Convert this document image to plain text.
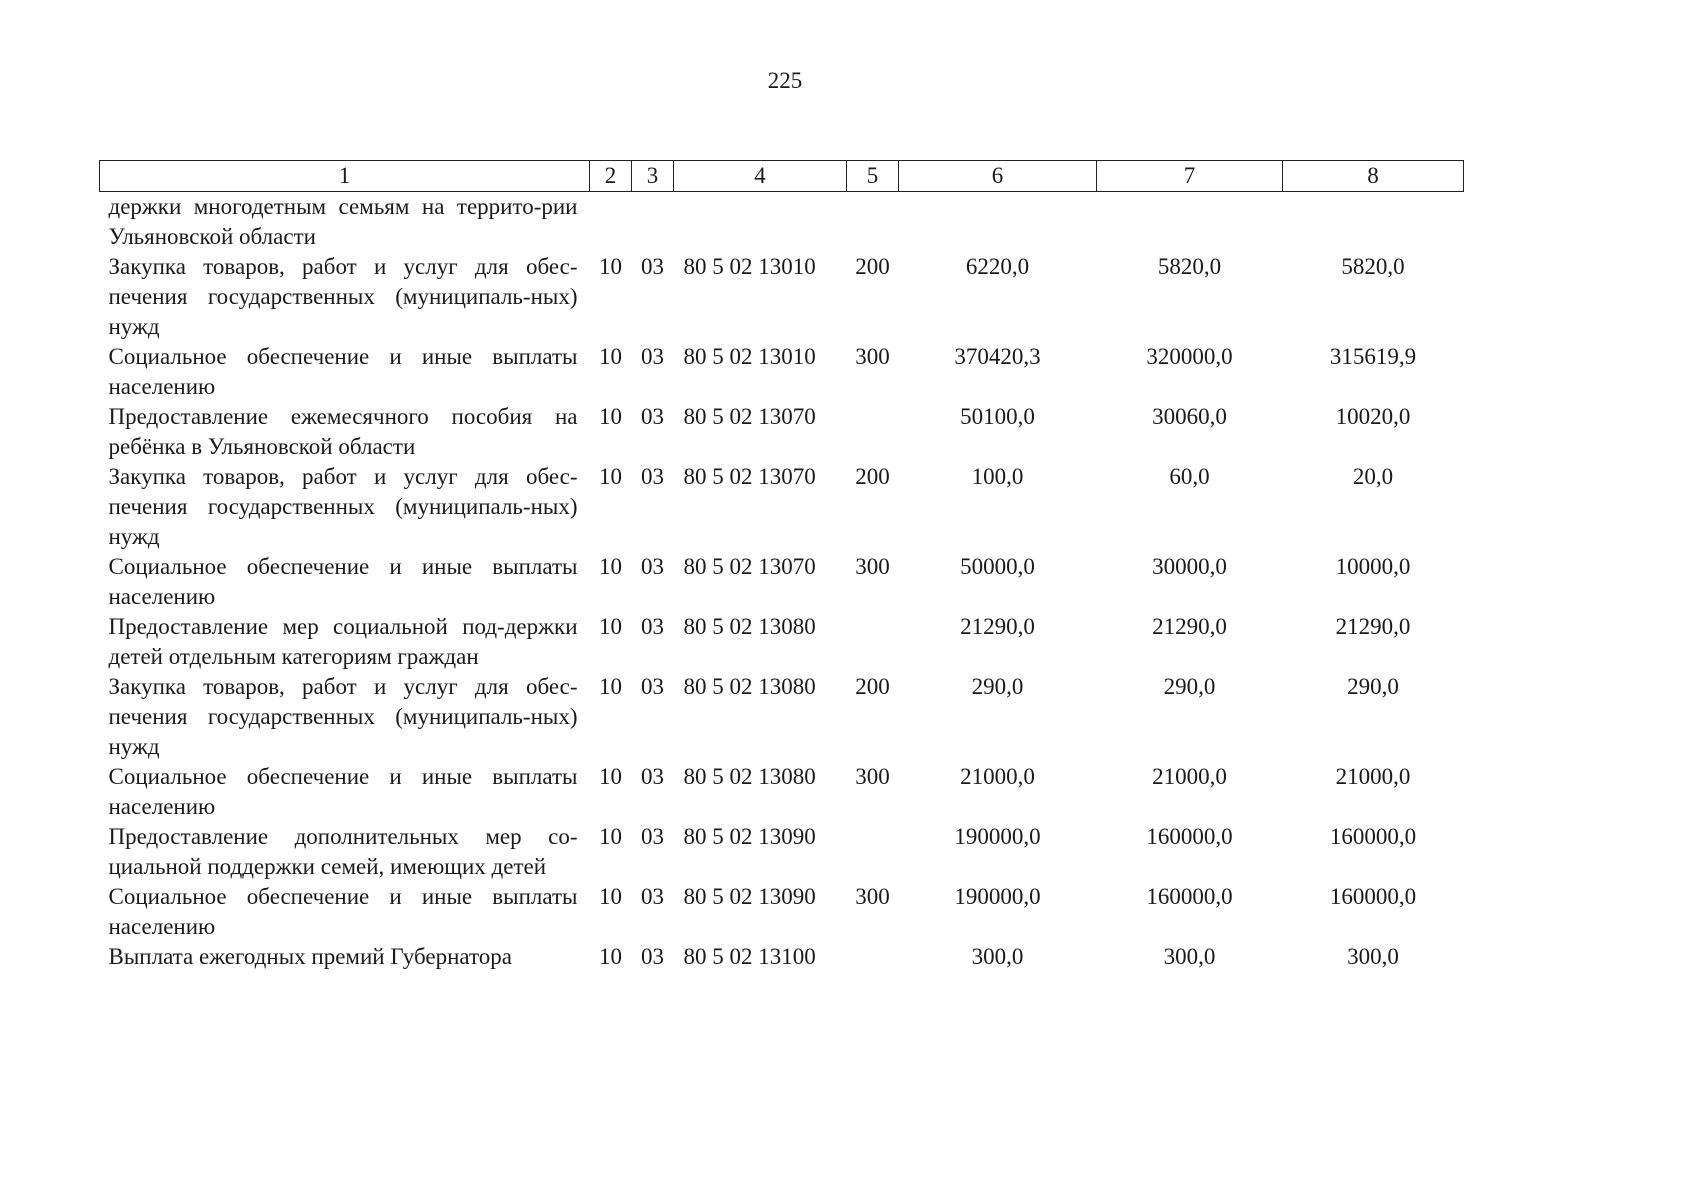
225
1	2	3	4	5	6	7	8
держки многодетным семьям на террито-рии Ульяновской области							
Закупка товаров, работ и услуг для обес-печения государственных (муниципаль-ных) нужд	10	03	80 5 02 13010	200	6220,0	5820,0	5820,0
Социальное обеспечение и иные выплаты населению	10	03	80 5 02 13010	300	370420,3	320000,0	315619,9
Предоставление ежемесячного пособия на ребёнка в Ульяновской области	10	03	80 5 02 13070		50100,0	30060,0	10020,0
Закупка товаров, работ и услуг для обес-печения государственных (муниципаль-ных) нужд	10	03	80 5 02 13070	200	100,0	60,0	20,0
Социальное обеспечение и иные выплаты населению	10	03	80 5 02 13070	300	50000,0	30000,0	10000,0
Предоставление мер социальной под-держки детей отдельным категориям граждан	10	03	80 5 02 13080		21290,0	21290,0	21290,0
Закупка товаров, работ и услуг для обес-печения государственных (муниципаль-ных) нужд	10	03	80 5 02 13080	200	290,0	290,0	290,0
Социальное обеспечение и иные выплаты населению	10	03	80 5 02 13080	300	21000,0	21000,0	21000,0
Предоставление дополнительных мер со-циальной поддержки семей, имеющих детей	10	03	80 5 02 13090		190000,0	160000,0	160000,0
Социальное обеспечение и иные выплаты населению	10	03	80 5 02 13090	300	190000,0	160000,0	160000,0
Выплата ежегодных премий Губернатора	10	03	80 5 02 13100		300,0	300,0	300,0
